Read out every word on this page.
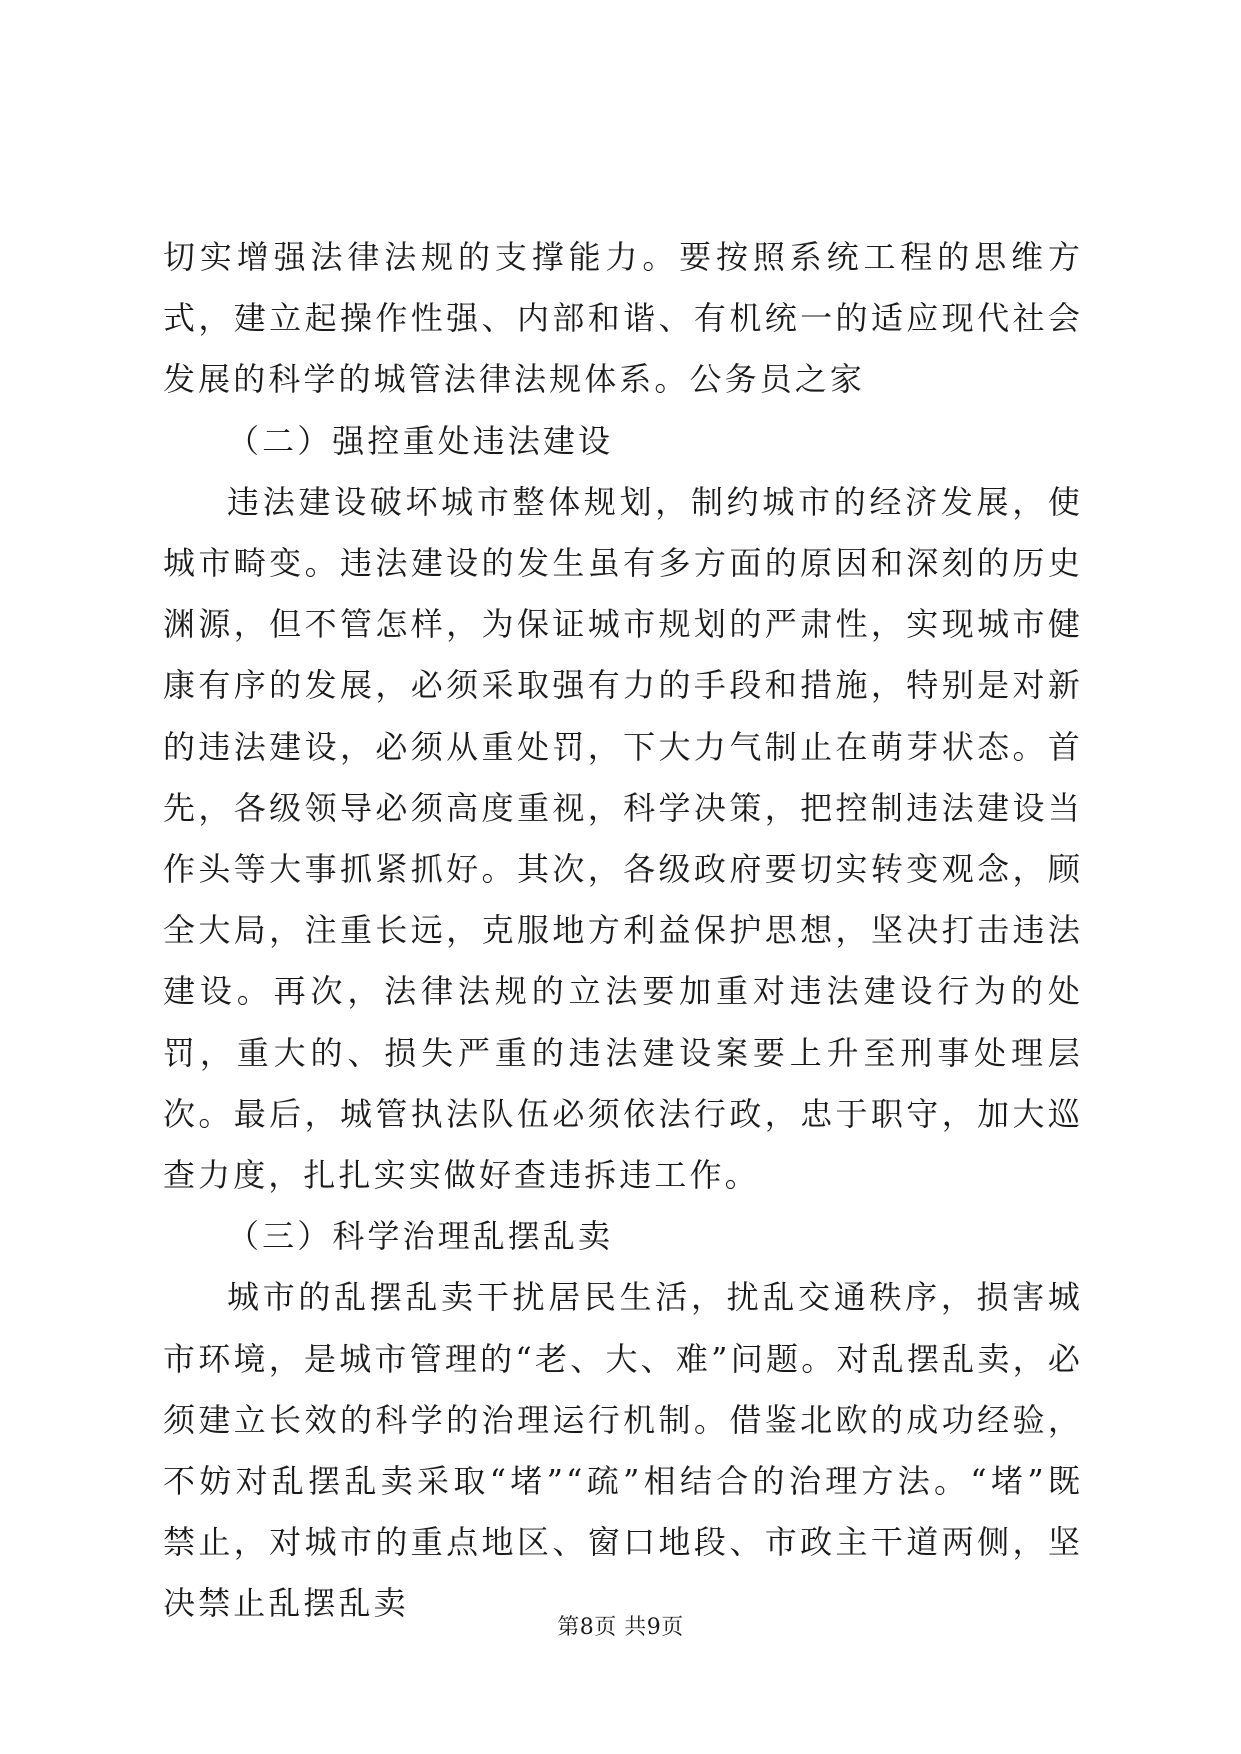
切实增强法律法规的支撑能力。要按照系统工程的思维方式，建立起操作性强、内部和谐、有机统一的适应现代社会发展的科学的城管法律法规体系。公务员之家

（二）强控重处违法建设

违法建设破坏城市整体规划，制约城市的经济发展，使城市畸变。违法建设的发生虽有多方面的原因和深刻的历史渊源，但不管怎样，为保证城市规划的严肃性，实现城市健康有序的发展，必须采取强有力的手段和措施，特别是对新的违法建设，必须从重处罚，下大力气制止在萌芽状态。首先，各级领导必须高度重视，科学决策，把控制违法建设当作头等大事抓紧抓好。其次，各级政府要切实转变观念，顾全大局，注重长远，克服地方利益保护思想，坚决打击违法建设。再次，法律法规的立法要加重对违法建设行为的处罚，重大的、损失严重的违法建设案要上升至刑事处理层次。最后，城管执法队伍必须依法行政，忠于职守，加大巡查力度，扎扎实实做好查违拆违工作。

（三）科学治理乱摆乱卖

城市的乱摆乱卖干扰居民生活，扰乱交通秩序，损害城市环境，是城市管理的“老、大、难”问题。对乱摆乱卖，必须建立长效的科学的治理运行机制。借鉴北欧的成功经验，不妨对乱摆乱卖采取“堵”“疏”相结合的治理方法。“堵”既禁止，对城市的重点地区、窗口地段、市政主干道两侧，坚决禁止乱摆乱卖

第8页 共9页
